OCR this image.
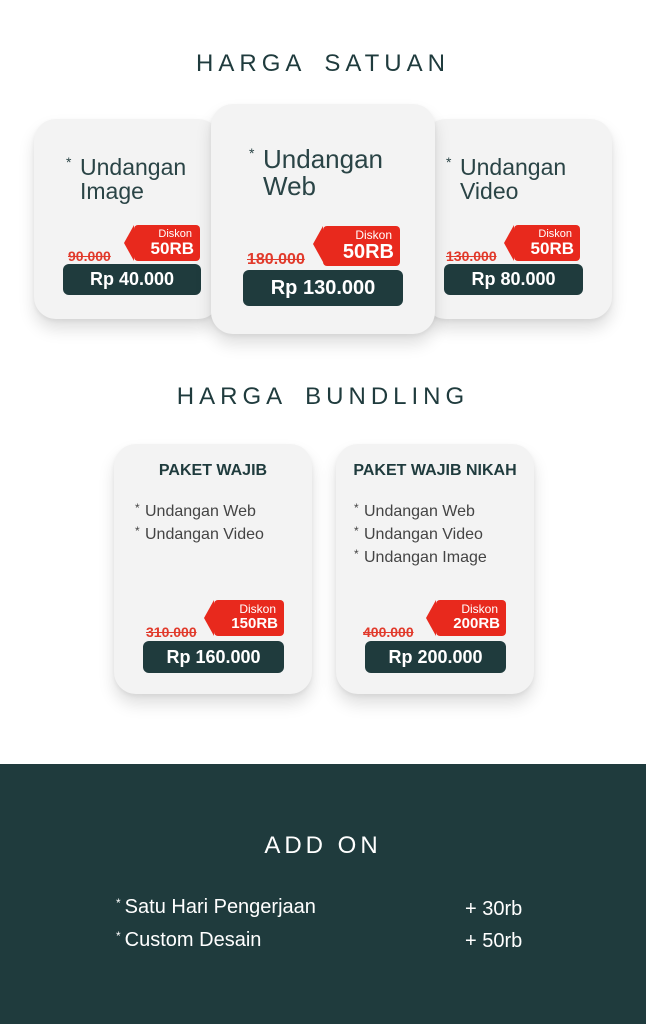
HARGA SATUAN
* Undangan
Image
90.000
Diskon
50RB
Rp 40.000
* Undangan
Video
130.000
Diskon
50RB
Rp 80.000
* Undangan
Web
180.000
Diskon
50RB
Rp 130.000
HARGA BUNDLING
PAKET WAJIB
* Undangan Web
* Undangan Video
310.000
Diskon
150RB
Rp 160.000
PAKET WAJIB NIKAH
* Undangan Web
* Undangan Video
* Undangan Image
400.000
Diskon
200RB
Rp 200.000
ADD ON
* Satu Hari Pengerjaan	+ 30rb
* Custom Desain	+ 50rb
